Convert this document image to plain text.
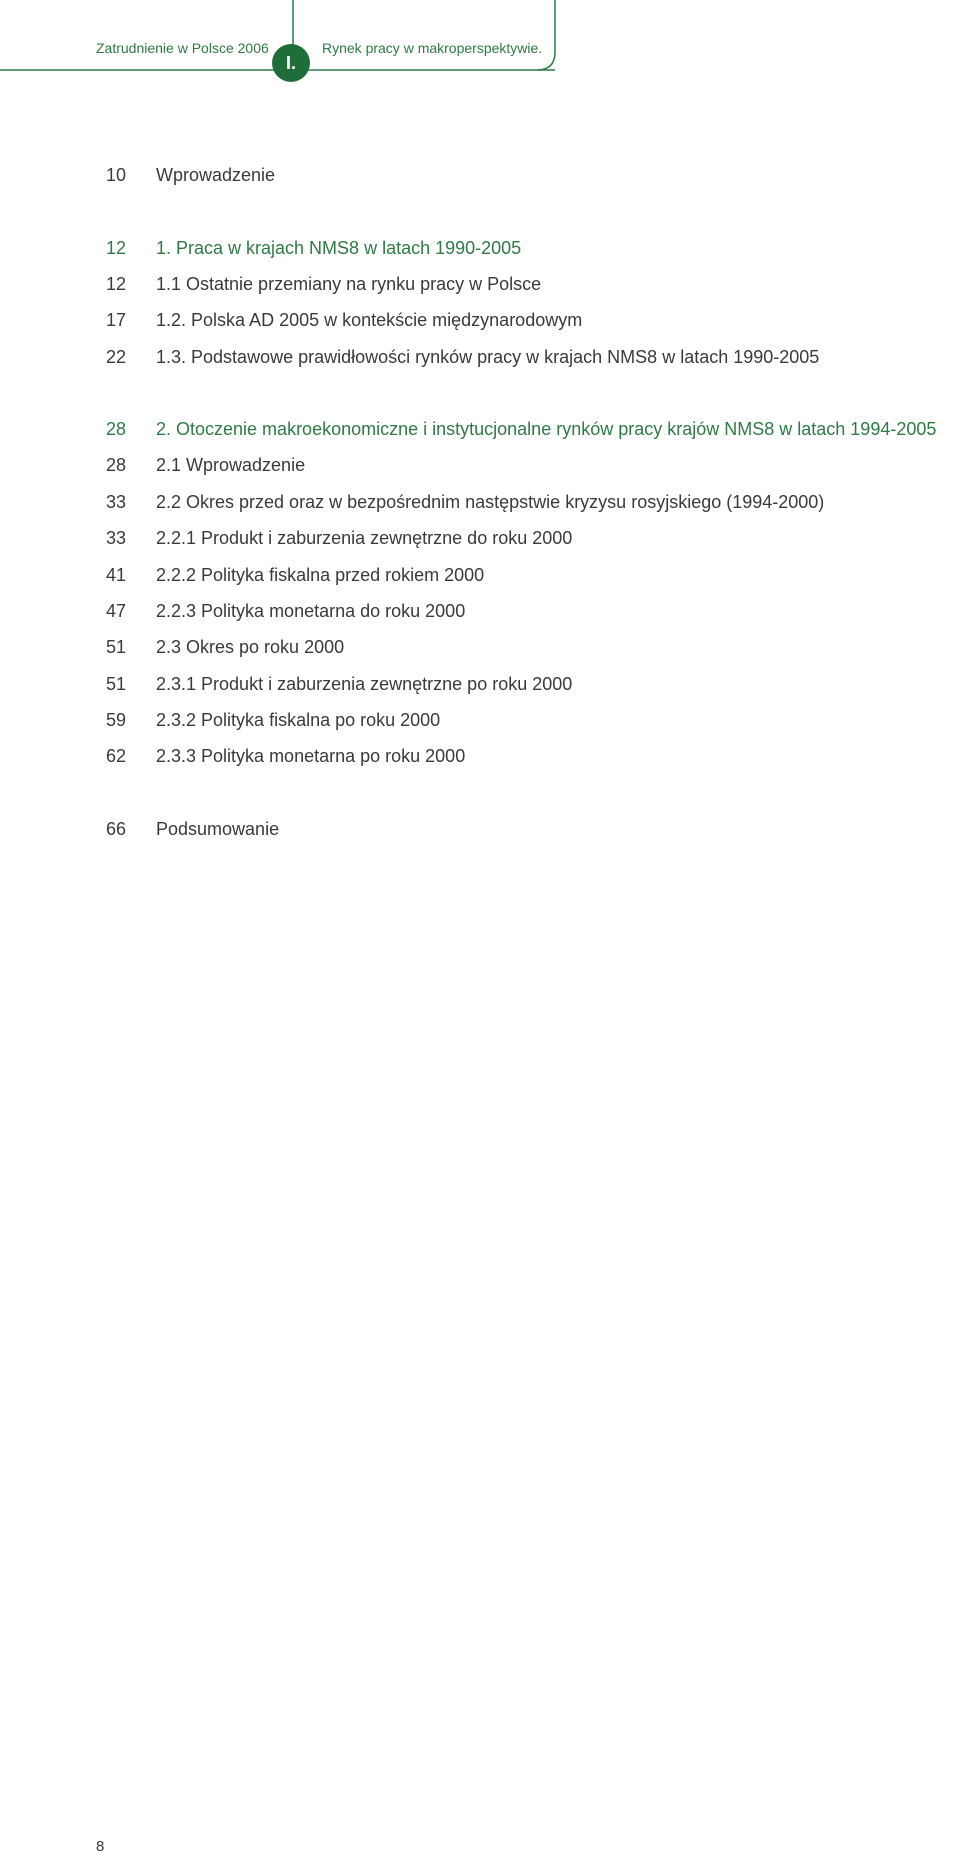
Zatrudnienie w Polsce 2006
I.
Rynek pracy w makroperspektywie.
10 Wprowadzenie
12 1. Praca w krajach NMS8 w latach 1990-2005
12 1.1 Ostatnie przemiany na rynku pracy w Polsce
17 1.2. Polska AD 2005 w kontekście międzynarodowym
22 1.3. Podstawowe prawidłowości rynków pracy w krajach NMS8 w latach 1990-2005
28 2. Otoczenie makroekonomiczne i instytucjonalne rynków pracy krajów NMS8 w latach 1994-2005
28 2.1 Wprowadzenie
33 2.2 Okres przed oraz w bezpośrednim następstwie kryzysu rosyjskiego (1994-2000)
33 2.2.1 Produkt i zaburzenia zewnętrzne do roku 2000
41 2.2.2 Polityka fiskalna przed rokiem 2000
47 2.2.3 Polityka monetarna do roku 2000
51 2.3 Okres po roku 2000
51 2.3.1 Produkt i zaburzenia zewnętrzne po roku 2000
59 2.3.2 Polityka fiskalna po roku 2000
62 2.3.3 Polityka monetarna po roku 2000
66 Podsumowanie
8
